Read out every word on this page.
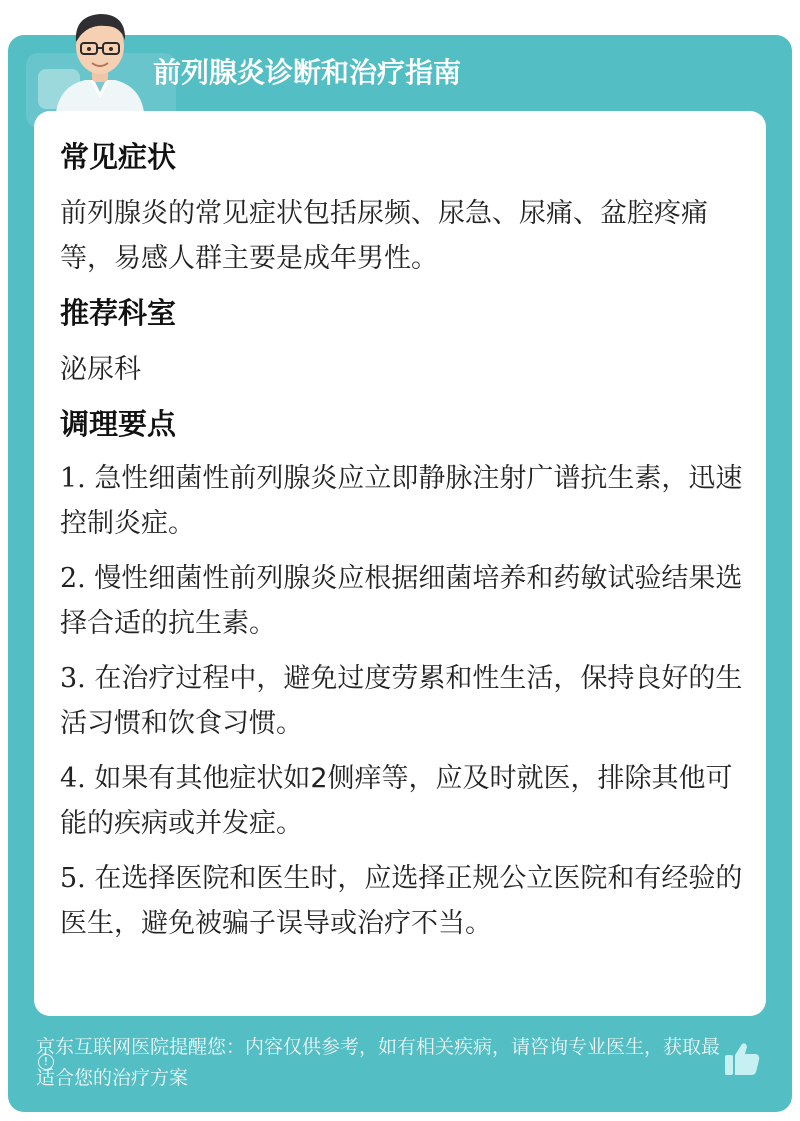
前列腺炎诊断和治疗指南
常见症状
前列腺炎的常见症状包括尿频、尿急、尿痛、盆腔疼痛等，易感人群主要是成年男性。
推荐科室
泌尿科
调理要点
1. 急性细菌性前列腺炎应立即静脉注射广谱抗生素，迅速控制炎症。
2. 慢性细菌性前列腺炎应根据细菌培养和药敏试验结果选择合适的抗生素。
3. 在治疗过程中，避免过度劳累和性生活，保持良好的生活习惯和饮食习惯。
4. 如果有其他症状如2侧痒等，应及时就医，排除其他可能的疾病或并发症。
5. 在选择医院和医生时，应选择正规公立医院和有经验的医生，避免被骗子误导或治疗不当。
!
京东互联网医院提醒您：内容仅供参考，如有相关疾病，请咨询专业医生，获取最适合您的治疗方案
